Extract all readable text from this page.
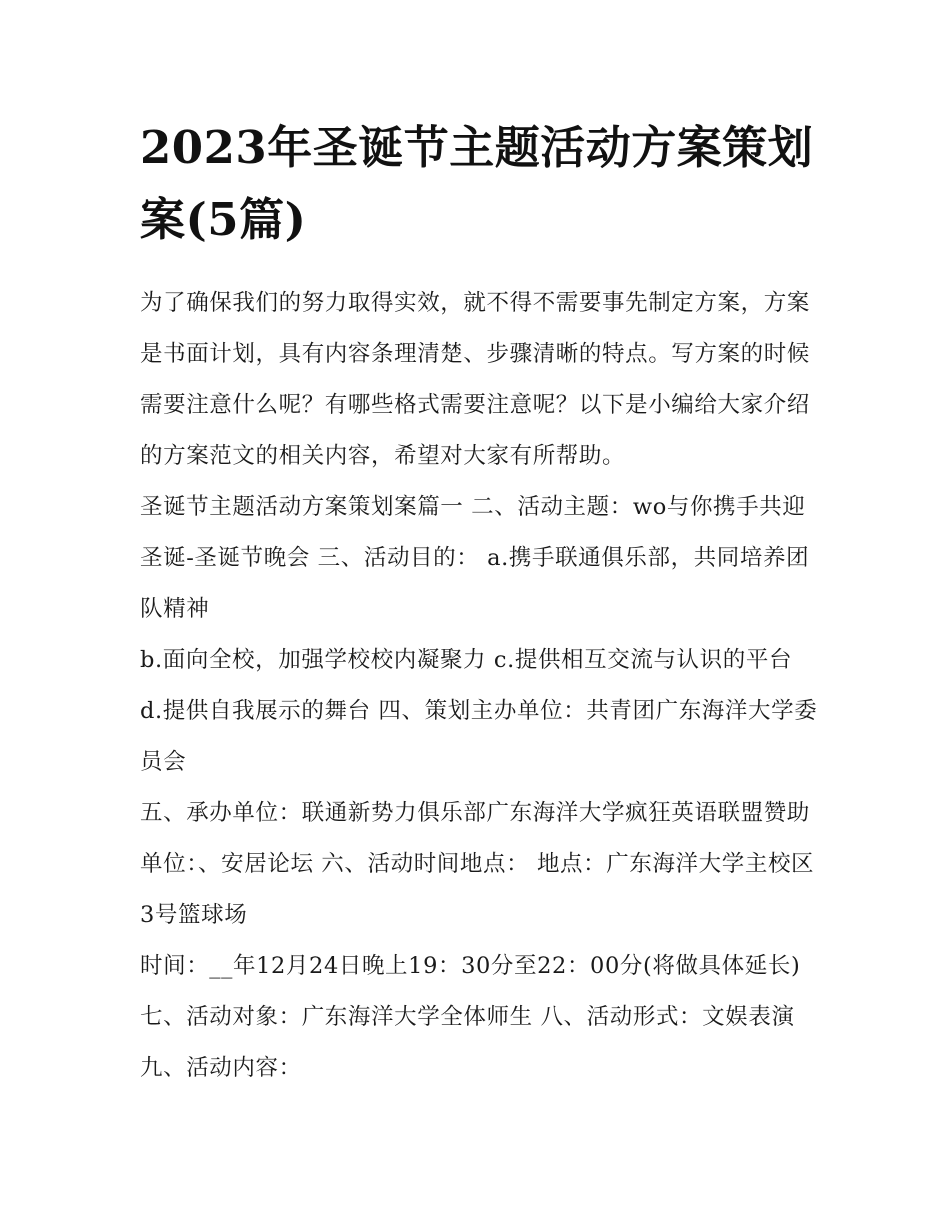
2023年圣诞节主题活动方案策划案(5篇)

为了确保我们的努力取得实效，就不得不需要事先制定方案，方案是书面计划，具有内容条理清楚、步骤清晰的特点。写方案的时候需要注意什么呢？有哪些格式需要注意呢？以下是小编给大家介绍的方案范文的相关内容，希望对大家有所帮助。

圣诞节主题活动方案策划案篇一 二、活动主题：wo与你携手共迎圣诞-圣诞节晚会 三、活动目的： a.携手联通俱乐部，共同培养团队精神

b.面向全校，加强学校校内凝聚力 c.提供相互交流与认识的平台 d.提供自我展示的舞台 四、策划主办单位：共青团广东海洋大学委员会

五、承办单位：联通新势力俱乐部广东海洋大学疯狂英语联盟赞助单位：、安居论坛 六、活动时间地点： 地点：广东海洋大学主校区3号篮球场

时间：__年12月24日晚上19：30分至22：00分(将做具体延长) 七、活动对象：广东海洋大学全体师生 八、活动形式：文娱表演 九、活动内容：
